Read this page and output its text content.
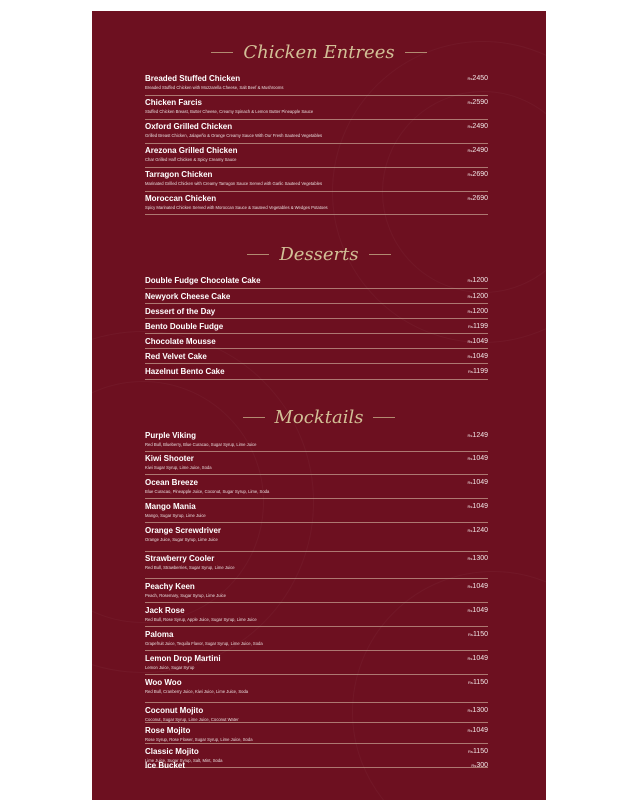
Chicken Entrees
Breaded Stuffed Chicken
Breaded Stuffed Chicken with Mozzarella Cheese, Salt Beef & Mushrooms
Rs2450
Chicken Farcis
Stuffed Chicken Breast, Butter Cheese, Creamy Spinach & Lemon Butter Pineapple Sauce
Rs2590
Oxford Grilled Chicken
Grilled Breast Chicken, Jalapeño & Orange Creamy Sauce With Our Fresh Sauteed Vegetables
Rs2490
Arezona Grilled Chicken
Char Grilled Half Chicken & Spicy Creamy Sauce
Rs2490
Tarragon Chicken
Marinated Grilled Chicken with Creamy Tarragon Sauce Served with Garlic Sauteed Vegetables
Rs2690
Moroccan Chicken
Spicy Marinated Chicken Served with Moroccan Sauce & Sauteed Vegetables & Wedges Potatoes
Rs2690
Desserts
Double Fudge Chocolate Cake	Rs1200
Newyork Cheese Cake	Rs1200
Dessert of the Day	Rs1200
Bento Double Fudge	Rs1199
Chocolate Mousse	Rs1049
Red Velvet Cake	Rs1049
Hazelnut Bento Cake	Rs1199
Mocktails
Purple Viking
Red Bull, Blueberry, Blue Curacao, Sugar Syrup, Lime Juice
Rs1249
Kiwi Shooter
Kiwi Sugar Syrup, Lime Juice, Soda
Rs1049
Ocean Breeze
Blue Curacao, Pineapple Juice, Coconut, Sugar Syrup, Lime, Soda
Rs1049
Mango Mania
Mango, Sugar Syrup, Lime Juice
Rs1049
Orange Screwdriver
Orange Juice, Sugar Syrup, Lime Juice
Rs1240
Strawberry Cooler
Red Bull, Strawberries, Sugar Syrup, Lime Juice
Rs1300
Peachy Keen
Peach, Rosemary, Sugar Syrup, Lime Juice
Rs1049
Jack Rose
Red Bull, Rose Syrup, Apple Juice, Sugar Syrup, Lime Juice
Rs1049
Paloma
Grapefruit Juice, Tequila Flavor, Sugar Syrup, Lime Juice, Soda
Rs1150
Lemon Drop Martini
Lemon Juice, Sugar Syrup
Rs1049
Woo Woo
Red Bull, Cranberry Juice, Kiwi Juice, Lime Juice, Soda
Rs1150
Coconut Mojito
Coconut, Sugar Syrup, Lime Juice, Coconut Water
Rs1300
Rose Mojito
Rose Syrup, Rose Flower, Sugar Syrup, Lime Juice, Soda
Rs1049
Classic Mojito
Lime Juice, Sugar Syrup, Salt, Mint, Soda
Rs1150
Ice Bucket	Rs300
